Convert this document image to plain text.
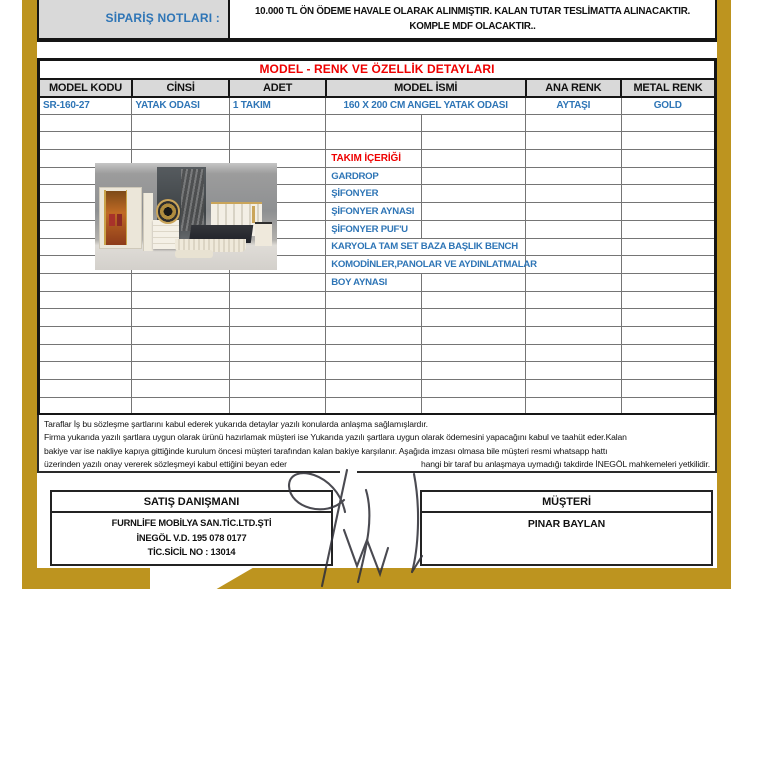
SİPARİŞ NOTLARI :	10.000 TL ÖN ÖDEME HAVALE OLARAK ALINMIŞTIR. KALAN TUTAR TESLİMATTA ALINACAKTIR.
KOMPLE MDF OLACAKTIR..
MODEL - RENK VE ÖZELLİK DETAYLARI						
MODEL KODU	CİNSİ	ADET	MODEL İSMİ		ANA RENK	METAL RENK
SR-160-27	YATAK ODASI	1 TAKIM	160 X 200 CM ANGEL YATAK ODASI		AYTAŞI	GOLD

			TAKIM İÇERİĞİ			
			GARDROP			
			ŞİFONYER			
			ŞİFONYER AYNASI			
			ŞİFONYER PUF'U			
			KARYOLA TAM SET BAZA BAŞLIK BENCH			
			KOMODİNLER,PANOLAR VE AYDINLATMALAR			
			BOY AYNASI			

Taraflar İş bu sözleşme şartlarını kabul ederek yukarıda detaylar yazılı konularda anlaşma sağlamışlardır.
Firma yukarıda yazılı şartlara uygun olarak ürünü hazırlamak müşteri ise Yukarıda yazılı şartlara uygun olarak ödemesini yapacağını kabul ve taahüt eder.Kalan
bakiye var ise nakliye kapıya gittiğinde kurulum öncesi müşteri tarafından kalan bakiye karşılanır. Aşağıda imzası olmasa bile müşteri resmi whatsapp hattı
üzerinden yazılı onay vererek sözleşmeyi kabul ettiğini beyan eder	hangi bir taraf bu anlaşmaya uymadığı takdirde İNEGÖL mahkemeleri yetkilidir.
SATIŞ DANIŞMANI
FURNLİFE MOBİLYA SAN.TİC.LTD.ŞTİ
İNEGÖL V.D. 195 078 0177
TİC.SİCİL NO : 13014
MÜŞTERİ
PINAR BAYLAN
